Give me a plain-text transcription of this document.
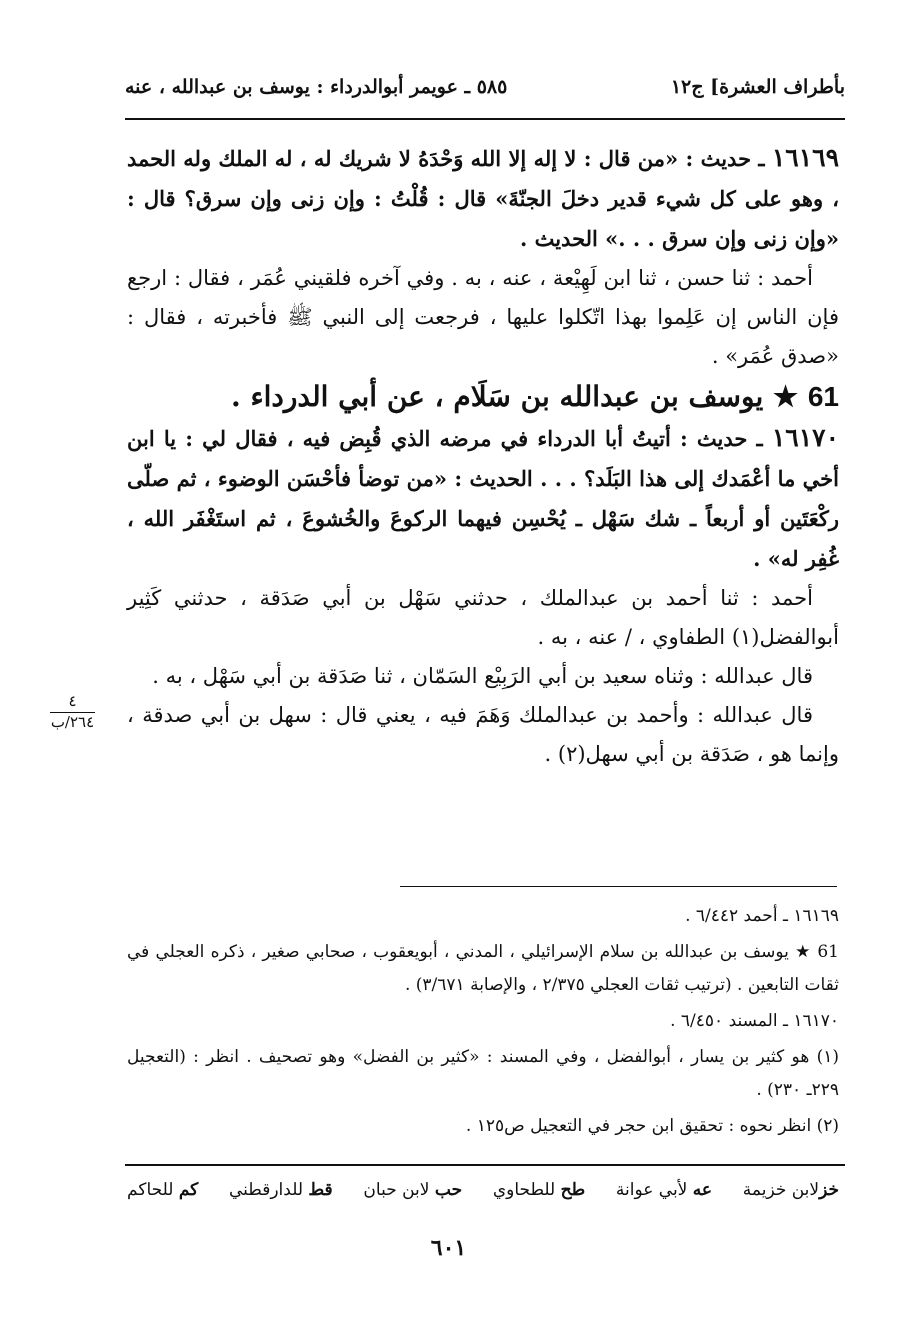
بأطراف العشرة] ج١٢
٥٨٥ ـ عويمر أبوالدرداء : يوسف بن عبدالله ، عنه

١٦١٦٩ ـ حديث : «من قال : لا إله إلا الله وَحْدَهُ لا شريك له ، له الملك وله الحمد ، وهو على كل شيء قدير دخلَ الجنّةَ» قال : قُلْتُ : وإن زنى وإن سرق؟ قال : «وإن زنى وإن سرق . . .» الحديث .

أحمد : ثنا حسن ، ثنا ابن لَهِيْعة ، عنه ، به . وفي آخره فلقيني عُمَر ، فقال : ارجع فإن الناس إن عَلِموا بهذا اتّكلوا عليها ، فرجعت إلى النبي ﷺ فأخبرته ، فقال : «صدق عُمَر» .

61 ★ يوسف بن عبدالله بن سَلَام ، عن أبي الدرداء .

١٦١٧٠ ـ حديث : أتيتُ أبا الدرداء في مرضه الذي قُبِض فيه ، فقال لي : يا ابن أخي ما أعْمَدك إلى هذا البَلَد؟ . . . الحديث : «من توضأ فأحْسَن الوضوء ، ثم صلّى ركْعَتَين أو أربعاً ـ شك سَهْل ـ يُحْسِن فيهما الركوعَ والخُشوعَ ، ثم استَغْفَر الله ، غُفِر له» .

أحمد : ثنا أحمد بن عبدالملك ، حدثني سَهْل بن أبي صَدَقة ، حدثني كَثِير أبوالفضل(١) الطفاوي ، / عنه ، به .

قال عبدالله : وثناه سعيد بن أبي الرَبِيْع السَمّان ، ثنا صَدَقة بن أبي سَهْل ، به .

قال عبدالله : وأحمد بن عبدالملك وَهَمَ فيه ، يعني قال : سهل بن أبي صدقة ، وإنما هو ، صَدَقة بن أبي سهل(٢) .

٤
٢٦٤/ب

١٦١٦٩ ـ أحمد ٦/٤٤٢ .

61 ★ يوسف بن عبدالله بن سلام الإسرائيلي ، المدني ، أبويعقوب ، صحابي صغير ، ذكره العجلي في ثقات التابعين . (ترتيب ثقات العجلي ٢/٣٧٥ ، والإصابة ٣/٦٧١) .

١٦١٧٠ ـ المسند ٦/٤٥٠ .

(١) هو كثير بن يسار ، أبوالفضل ، وفي المسند : «كثير بن الفضل» وهو تصحيف . انظر : (التعجيل ٢٢٩ـ ٢٣٠) .

(٢) انظر نحوه : تحقيق ابن حجر في التعجيل ص١٢٥ .

خزلابن خزيمة
عه لأبي عوانة
طح للطحاوي
حب لابن حبان
قط للدارقطني
كم للحاكم
٦٠١
